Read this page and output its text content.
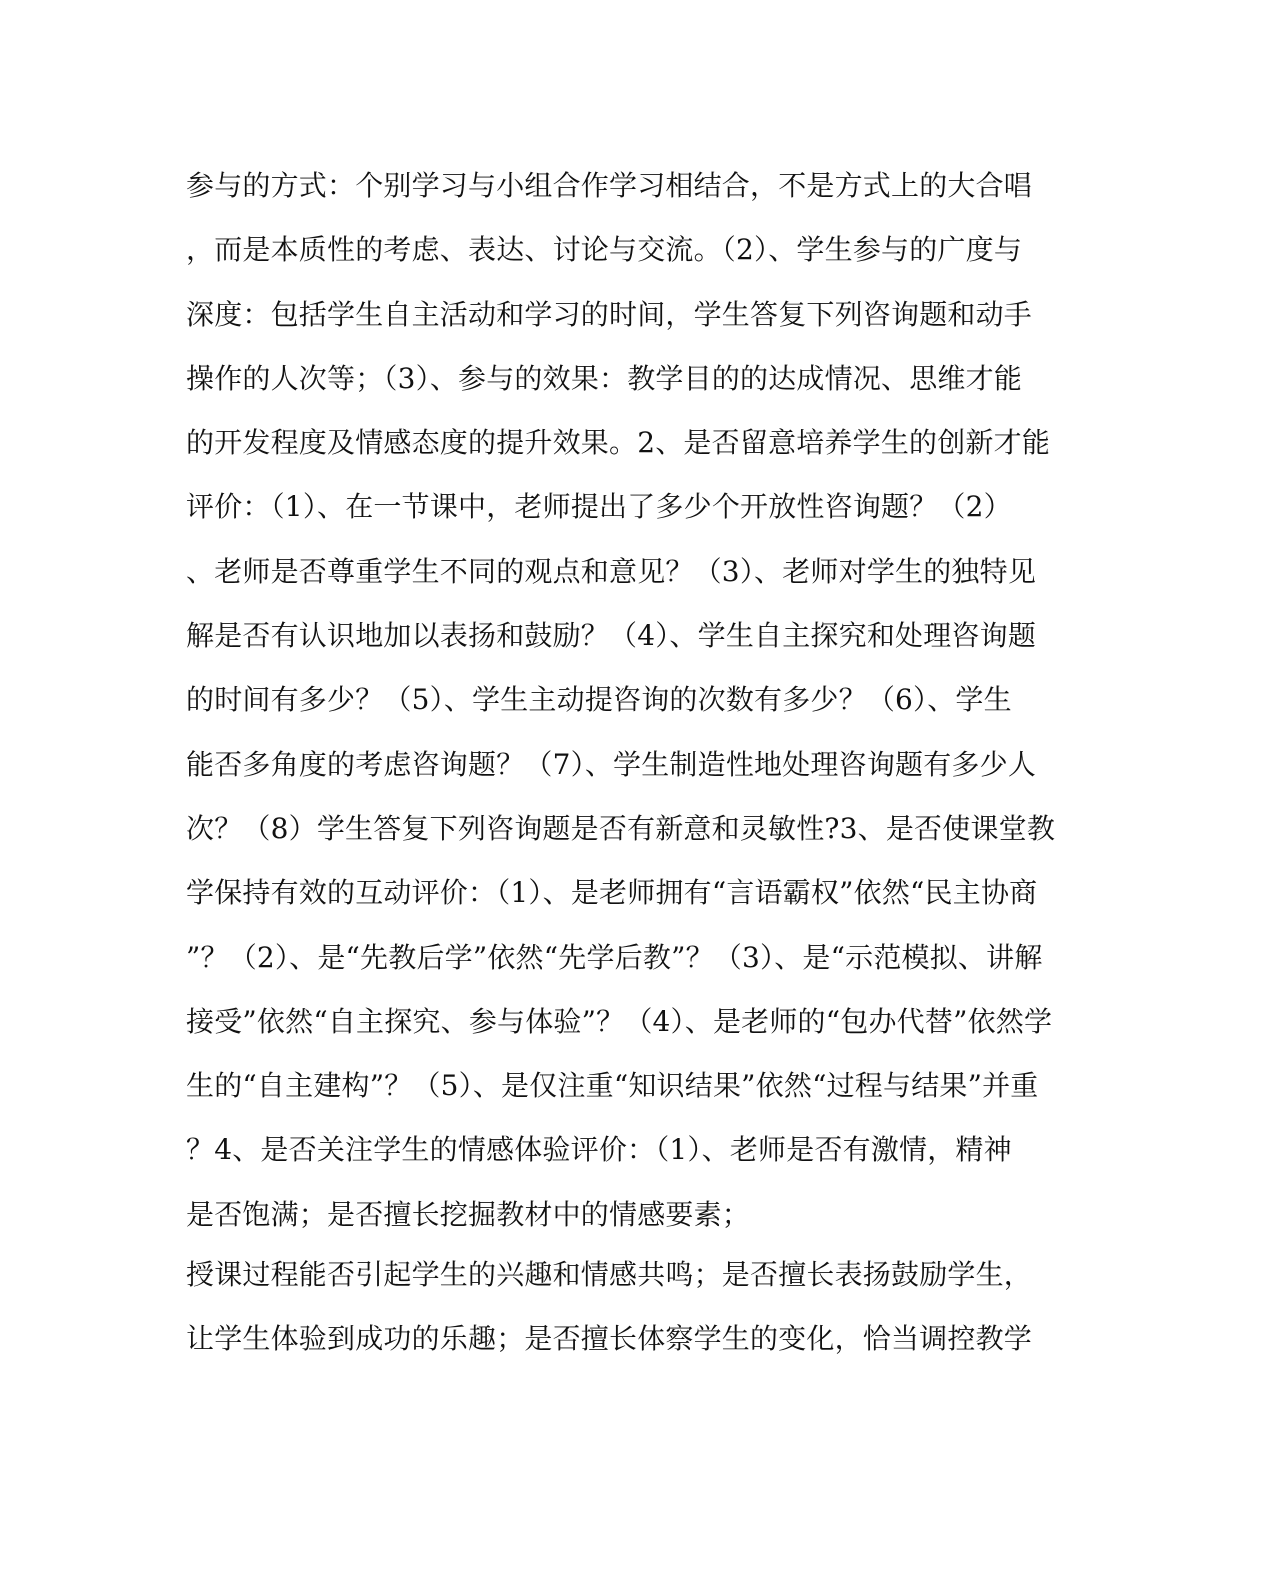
参与的方式：个别学习与小组合作学习相结合，不是方式上的大合唱
，而是本质性的考虑、表达、讨论与交流。（2）、学生参与的广度与
深度：包括学生自主活动和学习的时间，学生答复下列咨询题和动手
操作的人次等；（3）、参与的效果：教学目的的达成情况、思维才能
的开发程度及情感态度的提升效果。2、是否留意培养学生的创新才能
评价：（1）、在一节课中，老师提出了多少个开放性咨询题？（2）
、老师是否尊重学生不同的观点和意见？（3）、老师对学生的独特见
解是否有认识地加以表扬和鼓励？（4）、学生自主探究和处理咨询题
的时间有多少？（5）、学生主动提咨询的次数有多少？（6）、学生
能否多角度的考虑咨询题？（7）、学生制造性地处理咨询题有多少人
次？（8）学生答复下列咨询题是否有新意和灵敏性?3、是否使课堂教
学保持有效的互动评价：（1）、是老师拥有“言语霸权”依然“民主协商
”？（2）、是“先教后学”依然“先学后教”？（3）、是“示范模拟、讲解
接受”依然“自主探究、参与体验”？（4）、是老师的“包办代替”依然学
生的“自主建构”？（5）、是仅注重“知识结果”依然“过程与结果”并重
？4、是否关注学生的情感体验评价：（1）、老师是否有激情，精神
是否饱满；是否擅长挖掘教材中的情感要素；
授课过程能否引起学生的兴趣和情感共鸣；是否擅长表扬鼓励学生，
让学生体验到成功的乐趣；是否擅长体察学生的变化，恰当调控教学
